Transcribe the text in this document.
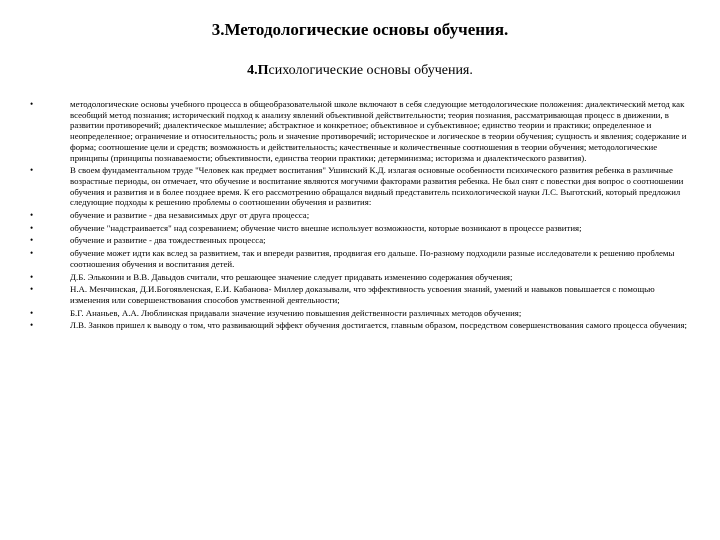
3.Методологические основы обучения.
4.Психологические основы обучения.
•	методологические основы учебного процесса в общеобразовательной школе включают в себя следующие методологические положения: диалектический метод как всеобщий метод познания; исторический подход к анализу явлений объективной действительности; теория познания, рассматривающая процесс в движении, в развитии противоречий; диалектическое мышление; абстрактное и конкретное; объективное и субъективное; единство теории и практики; определенное и неопределенное; ограничение и относительность; роль и значение противоречий; историческое и логическое в теории обучения; сущность и явления; содержание и форма; соотношение цели и средств; возможность и действительность; качественные и количественные соотношения в теории обучения; методологические принципы (принципы познаваемости; объективности, единства теории практики; детерминизма; историзма и диалектического развития).
•	В своем фундаментальном труде "Человек как предмет воспитания" Ушинский К.Д. излагая основные особенности психического развития ребенка в различные возрастные периоды, он отмечает, что обучение и воспитание являются могучими факторами развития ребенка. Не был снят с повестки дня вопрос о соотношении обучения и развития и в более позднее время. К его рассмотрению обращался видный представитель психологической науки Л.С. Выготский, который предложил следующие подходы к решению проблемы о соотношении обучения и развития:
•	обучение и развитие - два независимых друг от друга процесса;
•	обучение "надстраивается" над созреванием; обучение чисто внешне использует возможности, которые возникают в процессе развития;
•	обучение и развитие - два тождественных процесса;
•	обучение может идти как вслед за развитием, так и впереди развития, продвигая его дальше. По-разному подходили разные исследователи к решению проблемы соотношения обучения и воспитания детей.
•	Д.Б. Эльконин и В.В. Давыдов считали, что решающее значение следует придавать изменению содержания обучения;
•	Н.А. Менчинская, Д.И.Богоявленская, Е.И. Кабанова- Миллер доказывали, что эффективность усвоения знаний, умений и навыков повышается с помощью изменения или совершенствования способов умственной деятельности;
•	Б.Г. Ананьев, А.А. Люблинская придавали значение изучению повышения действенности различных методов обучения;
•	Л.В. Занков пришел к выводу о том, что развивающий эффект обучения достигается, главным образом, посредством совершенствования самого процесса обучения;
